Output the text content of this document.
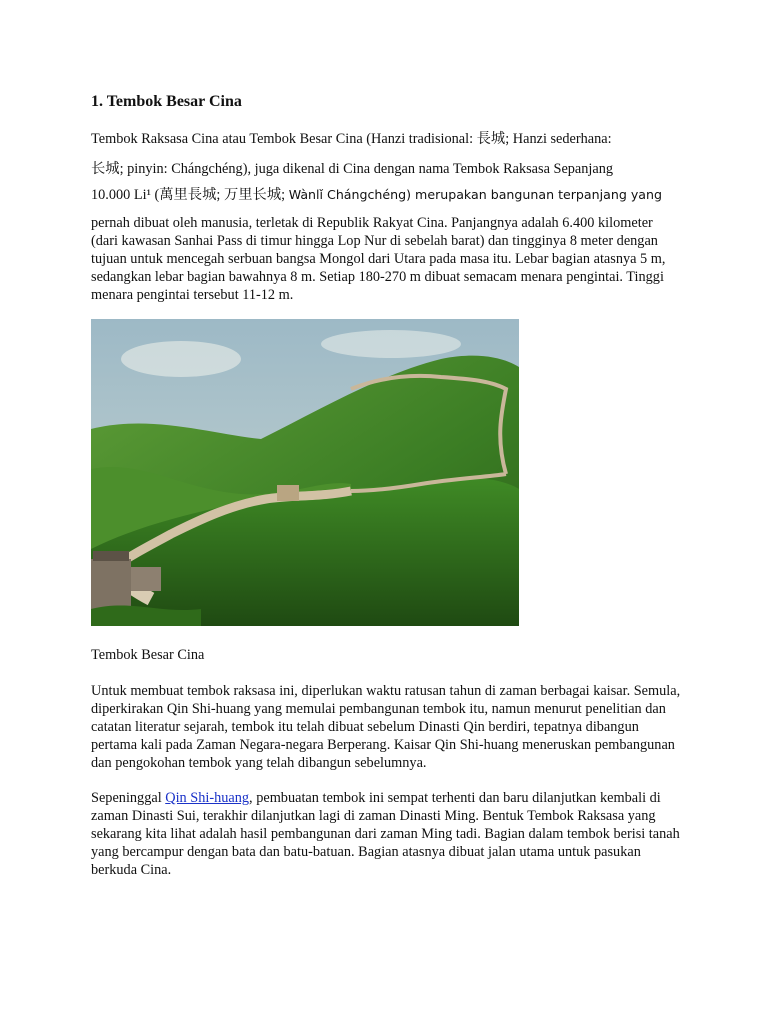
1. Tembok Besar Cina

Tembok Raksasa Cina atau Tembok Besar Cina (Hanzi tradisional: 長城; Hanzi sederhana:

长城; pinyin: Chángchéng), juga dikenal di Cina dengan nama Tembok Raksasa Sepanjang

10.000 Li¹ (萬里長城; 万里长城; Wànlǐ Chángchéng) merupakan bangunan terpanjang yang

pernah dibuat oleh manusia, terletak di Republik Rakyat Cina. Panjangnya adalah 6.400 kilometer (dari kawasan Sanhai Pass di timur hingga Lop Nur di sebelah barat) dan tingginya 8 meter dengan tujuan untuk mencegah serbuan bangsa Mongol dari Utara pada masa itu. Lebar bagian atasnya 5 m, sedangkan lebar bagian bawahnya 8 m. Setiap 180-270 m dibuat semacam menara pengintai. Tinggi menara pengintai tersebut 11-12 m.

Tembok Besar Cina

Untuk membuat tembok raksasa ini, diperlukan waktu ratusan tahun di zaman berbagai kaisar. Semula, diperkirakan Qin Shi-huang yang memulai pembangunan tembok itu, namun menurut penelitian dan catatan literatur sejarah, tembok itu telah dibuat sebelum Dinasti Qin berdiri, tepatnya dibangun pertama kali pada Zaman Negara-negara Berperang. Kaisar Qin Shi-huang meneruskan pembangunan dan pengokohan tembok yang telah dibangun sebelumnya.

Sepeninggal Qin Shi-huang, pembuatan tembok ini sempat terhenti dan baru dilanjutkan kembali di zaman Dinasti Sui, terakhir dilanjutkan lagi di zaman Dinasti Ming. Bentuk Tembok Raksasa yang sekarang kita lihat adalah hasil pembangunan dari zaman Ming tadi. Bagian dalam tembok berisi tanah yang bercampur dengan bata dan batu-batuan. Bagian atasnya dibuat jalan utama untuk pasukan berkuda Cina.
